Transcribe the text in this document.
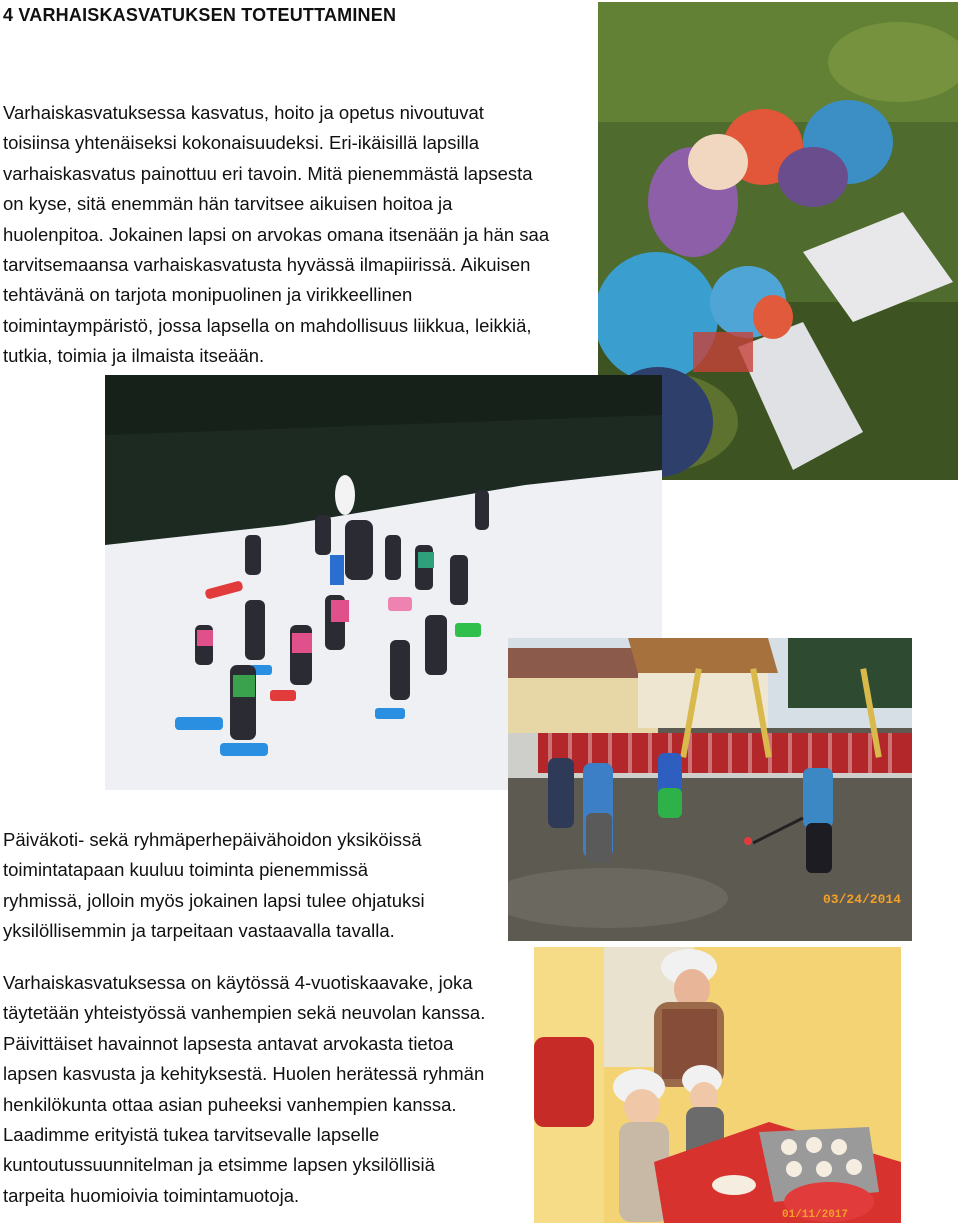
4 VARHAISKASVATUKSEN TOTEUTTAMINEN
Varhaiskasvatuksessa kasvatus, hoito ja opetus nivoutuvat
toisiinsa yhtenäiseksi kokonaisuudeksi. Eri-ikäisillä lapsilla
varhaiskasvatus painottuu eri tavoin. Mitä pienemmästä lapsesta
on kyse, sitä enemmän hän tarvitsee aikuisen hoitoa ja
huolenpitoa. Jokainen lapsi on arvokas omana itsenään ja hän saa
tarvitsemaansa varhaiskasvatusta hyvässä ilmapiirissä. Aikuisen
tehtävänä on tarjota monipuolinen ja virikkeellinen
toimintaympäristö, jossa lapsella on mahdollisuus liikkua, leikkiä,
tutkia, toimia ja ilmaista itseään.
03/24/2014
Päiväkoti- sekä ryhmäperhepäivähoidon yksiköissä
toimintatapaan kuuluu toiminta pienemmissä
ryhmissä, jolloin myös jokainen lapsi tulee ohjatuksi
yksilöllisemmin ja tarpeitaan vastaavalla tavalla.
Varhaiskasvatuksessa on käytössä 4-vuotiskaavake, joka
täytetään yhteistyössä vanhempien sekä neuvolan kanssa.
Päivittäiset havainnot lapsesta antavat arvokasta tietoa
lapsen kasvusta ja kehityksestä. Huolen herätessä ryhmän
henkilökunta ottaa asian puheeksi vanhempien kanssa.
Laadimme erityistä tukea tarvitsevalle lapselle
kuntoutussuunnitelman ja etsimme lapsen yksilöllisiä
tarpeita huomioivia toimintamuotoja.
01/11/2017
